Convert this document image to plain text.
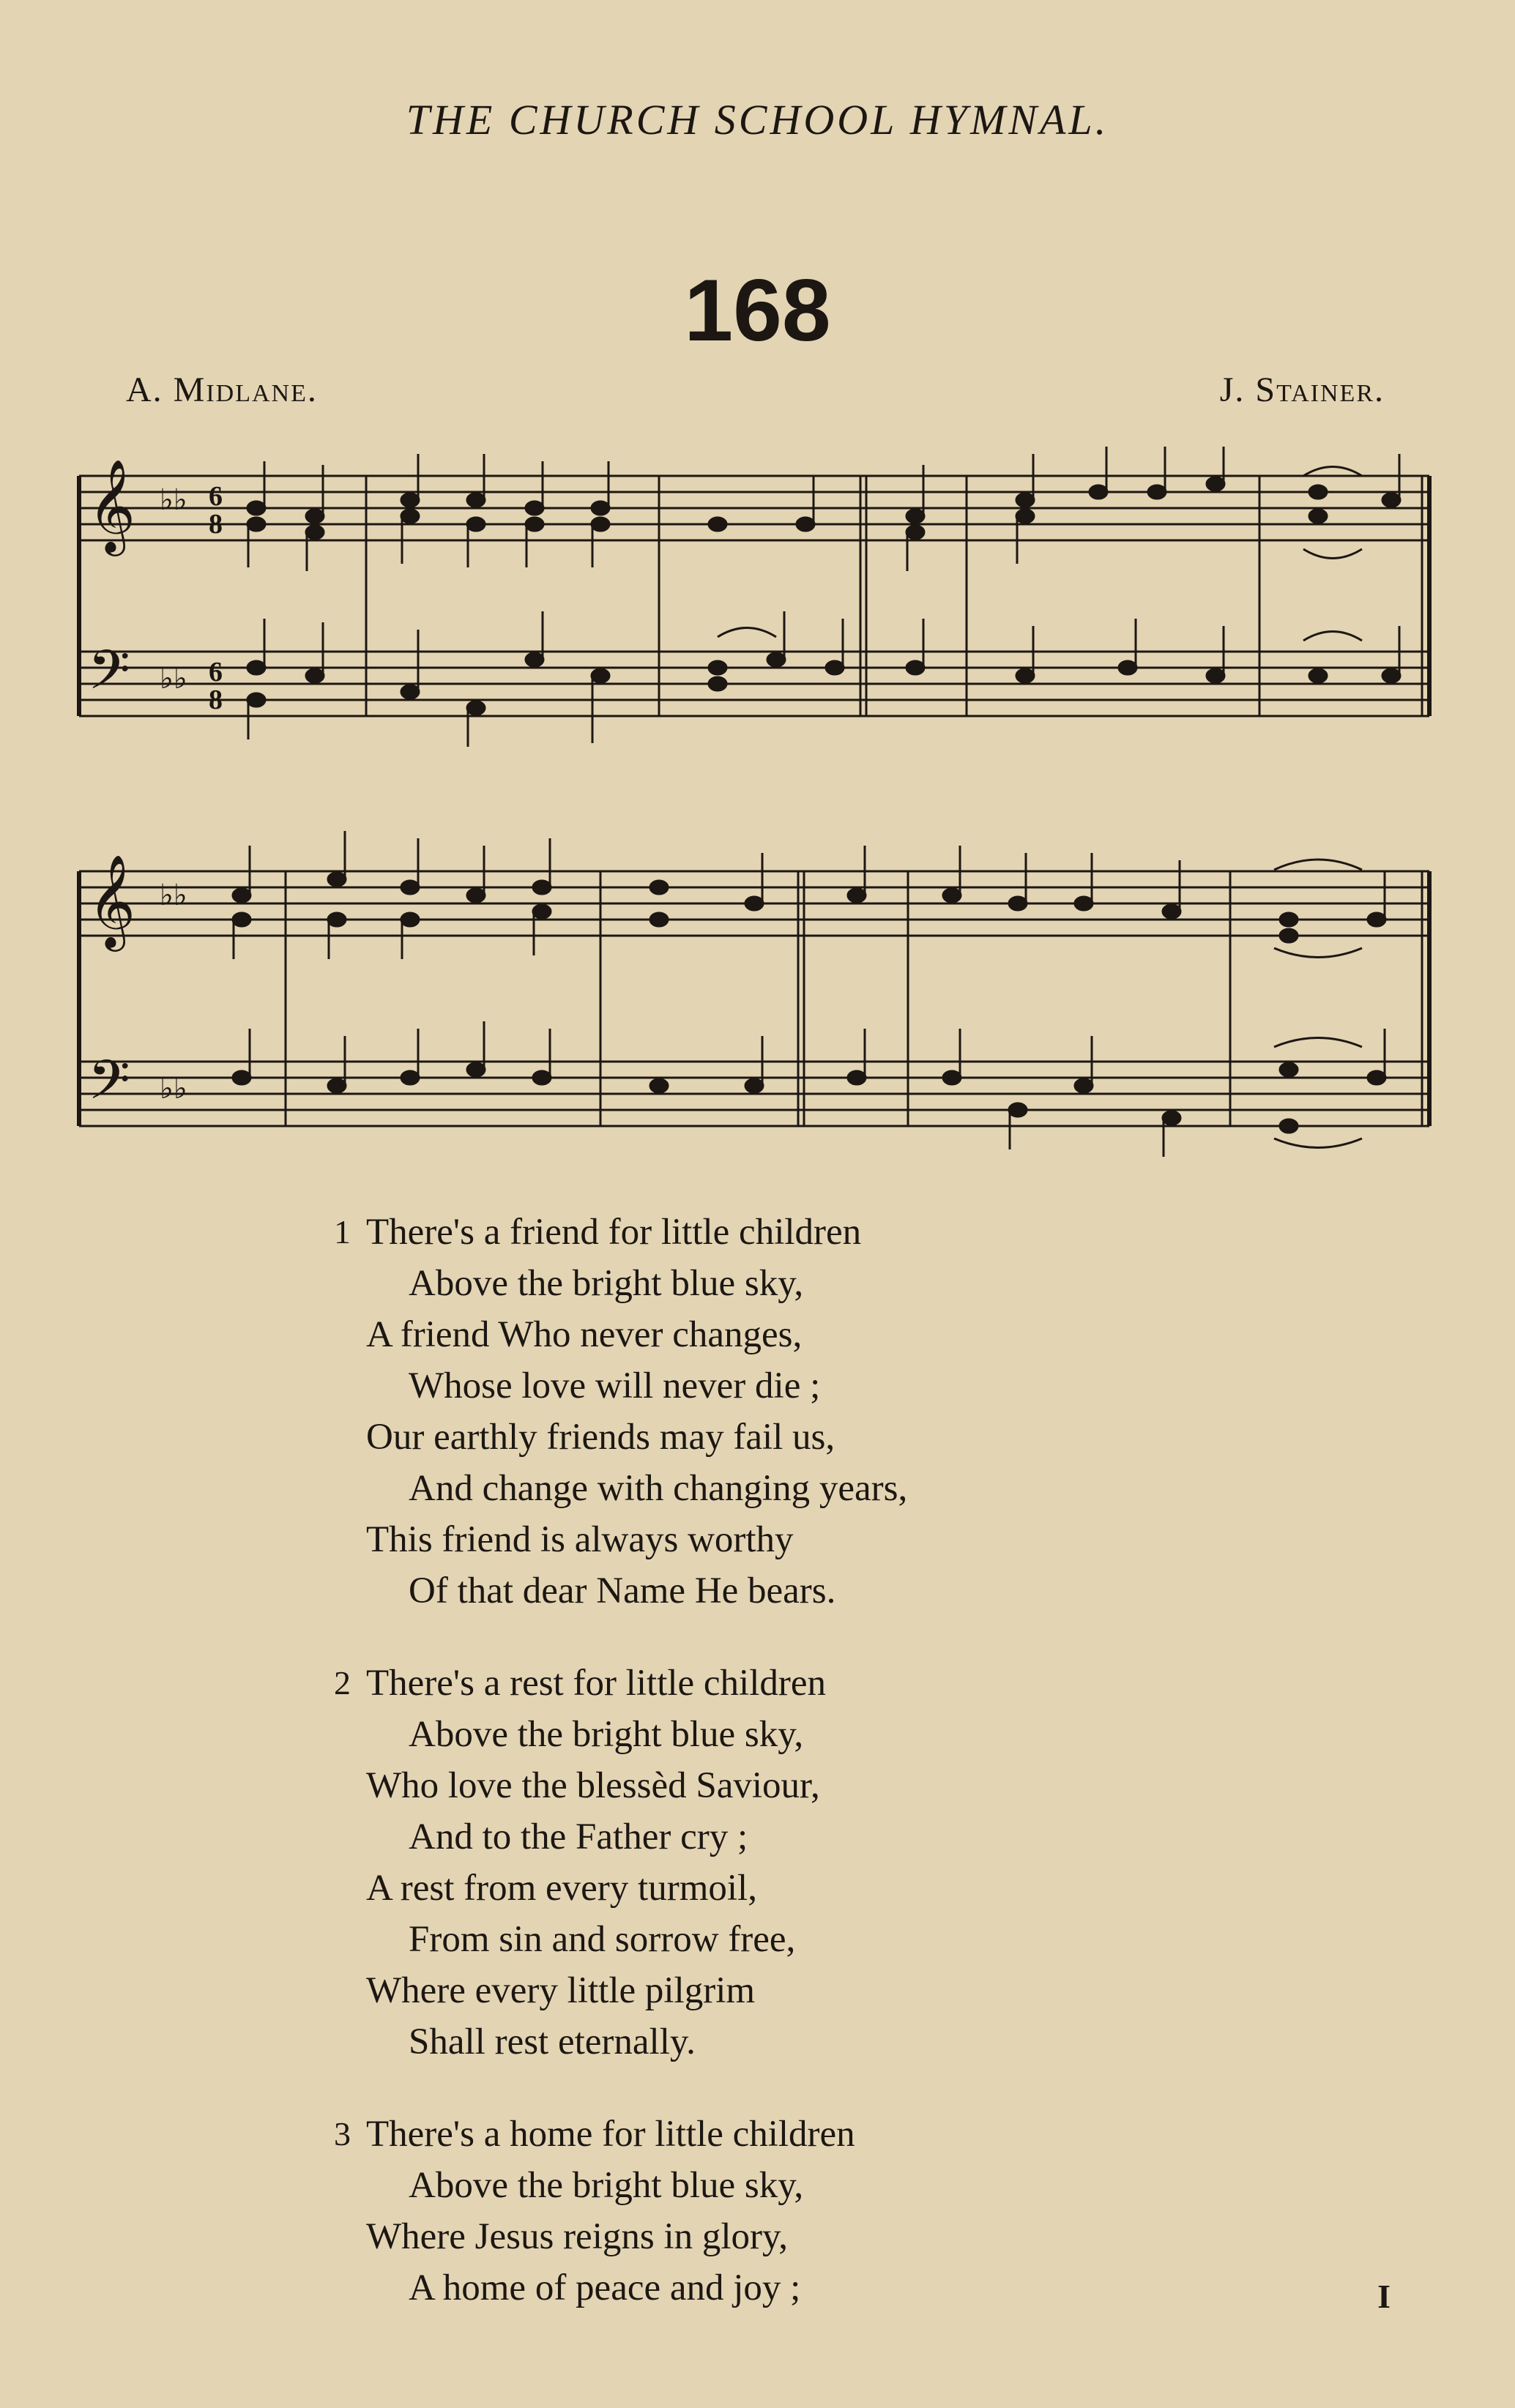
THE CHURCH SCHOOL HYMNAL.
168
A. Midlane.	J. Stainer.
𝄞
𝄢
♭♭
♭♭
6
8
6
8
𝄞
𝄢
♭♭
♭♭
1 There's a friend for little children
Above the bright blue sky,
A friend Who never changes,
Whose love will never die ;
Our earthly friends may fail us,
And change with changing years,
This friend is always worthy
Of that dear Name He bears.
2 There's a rest for little children
Above the bright blue sky,
Who love the blessèd Saviour,
And to the Father cry ;
A rest from every turmoil,
From sin and sorrow free,
Where every little pilgrim
Shall rest eternally.
3 There's a home for little children
Above the bright blue sky,
Where Jesus reigns in glory,
A home of peace and joy ;	I
